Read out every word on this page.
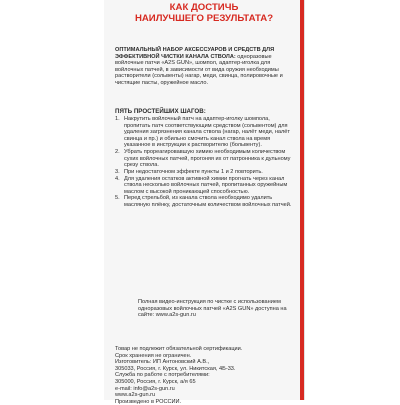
КАК ДОСТИЧЬ
НАИЛУЧШЕГО РЕЗУЛЬТАТА?

ОПТИМАЛЬНЫЙ НАБОР АКСЕССУАРОВ И СРЕДСТВ ДЛЯ ЭФФЕКТИВНОЙ ЧИСТКИ КАНАЛА СТВОЛА: одноразовые войлочные патчи «A2S GUN», шомпол, адаптер-иголка для войлочных патчей, в зависимости от вида оружия необходимы растворители (сольвенты) нагар, меди, свинца, полировочные и чистящие пасты, оружейное масло.

ПЯТЬ ПРОСТЕЙШИХ ШАГОВ:

1. Накрутить войлочный патч на адаптер-иголку шомпола, пропитать патч соответствующим средством (сольвентом) для удаления загрязнения канала ствола (нагар, налёт меди, налёт свинца и пр.) и обильно смочить канал ствола на время указанное в инструкции к растворителю (больвенту).
2. Убрать прореагировавшую химию необходимым количеством сухих войлочных патчей, прогоняя их от патронника к дульному срезу ствола.
3. При недостаточном эффекте пункты 1 и 2 повторить.
4. Для удаления остатков активной химии прогнать через канал ствола несколько войлочных патчей, пропитанных оружейным маслом с высокой проникающей способностью.
5. Перед стрельбой, из канала ствола необходимо удалить масляную плёнку, достаточным количеством войлочных патчей.

Полная видео-инструкция по чистке с использованием одноразовых войлочных патчей «A2S GUN» доступна на сайте: www.a2s-gun.ru

Товар не подлежит обязательной сертификации.
Срок хранения не ограничен.
Изготовитель: ИП Антоновский А.В.,
305033, Россия, г. Курск, ул. Никитская, 4Б-33.
Служба по работе с потребителями:
305000, Россия, г. Курск, а/я 65
e-mail: info@a2s-gun.ru
www.a2s-gun.ru
Произведено в РОССИИ.
